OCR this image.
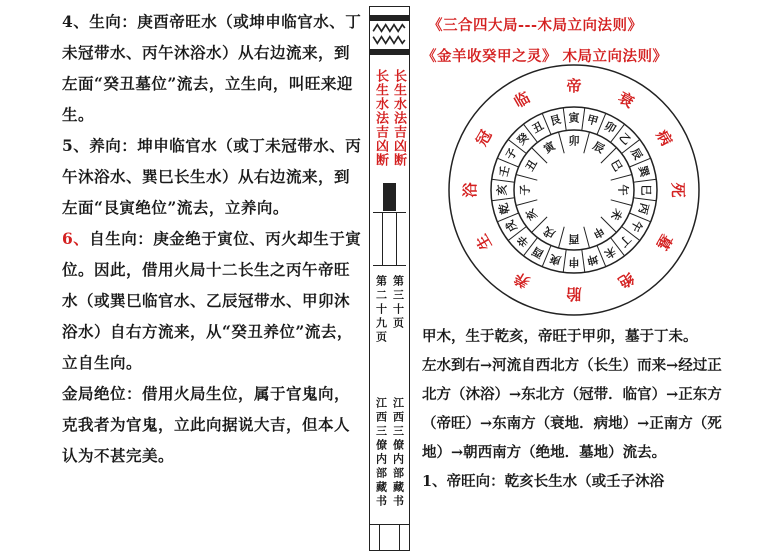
4、生向：庚酉帝旺水（或坤申临官水、丁未冠带水、丙午沐浴水）从右边流来，到左面“癸丑墓位”流去，立生向，叫旺来迎生。

5、养向：坤申临官水（或丁未冠带水、丙午沐浴水、巽巳长生水）从右边流来，到左面“艮寅绝位”流去，立养向。

6、自生向：庚金绝于寅位、丙火却生于寅位。因此，借用火局十二长生之丙午帝旺水（或巽巳临官水、乙辰冠带水、甲卯沐浴水）自右方流来，从“癸丑养位”流去，立自生向。

金局绝位：借用火局生位，属于官鬼向，克我者为官鬼，立此向据说大吉，但本人认为不甚完美。

长生水法吉凶断 长生水法吉凶断
第二十九页 第三十页
江西三僚内部藏书 江西三僚内部藏书
《三合四大局---木局立向法则》
《金羊收癸甲之灵》 木局立向法则》
帝
衰
病
死
墓
绝
胎
养
生
浴
冠
临
甲 卯
乙
辰
巽
巳
丙
午
丁
未
坤
申
庚
酉
辛
戌
乾
亥
壬
子
癸
丑 艮 寅
卯 辰
巳
午
未
申
酉
戌
亥
子
丑
寅

甲木，生于乾亥，帝旺于甲卯，墓于丁未。

左水到右→河流自西北方（长生）而来→经过正北方（沐浴）→东北方（冠带．临官）→正东方（帝旺）→东南方（衰地．病地）→正南方（死地）→朝西南方（绝地．墓地）流去。

1、帝旺向：乾亥长生水（或壬子沐浴
